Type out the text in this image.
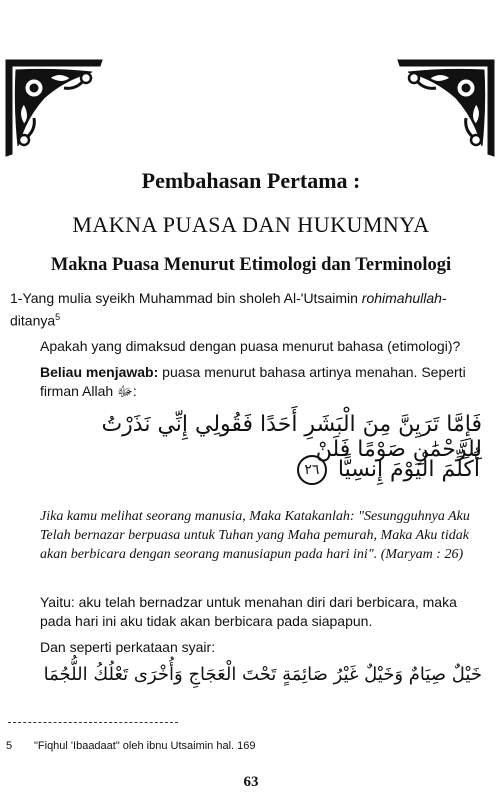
Pembahasan Pertama :
MAKNA PUASA DAN HUKUMNYA
Makna Puasa Menurut Etimologi dan Terminologi
1-Yang mulia syeikh Muhammad bin sholeh Al-'Utsaimin rohimahullah-ditanya$^5$
Apakah yang dimaksud dengan puasa menurut bahasa (etimologi)?
Beliau menjawab: puasa menurut bahasa artinya menahan. Seperti firman Allah ﷻ:
فَإِمَّا تَرَيِنَّ مِنَ الْبَشَرِ أَحَدًا فَقُولِي إِنِّي نَذَرْتُ لِلرَّحْمَٰنِ صَوْمًا فَلَنْ
أُكَلِّمَ الْيَوْمَ إِنسِيًّا ٢٦
Jika kamu melihat seorang manusia, Maka Katakanlah: "Sesungguhnya Aku Telah bernazar berpuasa untuk Tuhan yang Maha pemurah, Maka Aku tidak akan berbicara dengan seorang manusiapun pada hari ini". (Maryam : 26)
Yaitu: aku telah bernadzar untuk menahan diri dari berbicara, maka pada hari ini aku tidak akan berbicara pada siapapun.
Dan seperti perkataan syair:
خَيْلٌ صِيَامٌ وَخَيْلٌ غَيْرُ صَائِمَةٍ تَحْتَ الْعَجَاجِ وَأُخْرَى تَعْلُكُ اللُّجُمَا
5 "Fiqhul 'Ibaadaat" oleh ibnu Utsaimin hal. 169
63
